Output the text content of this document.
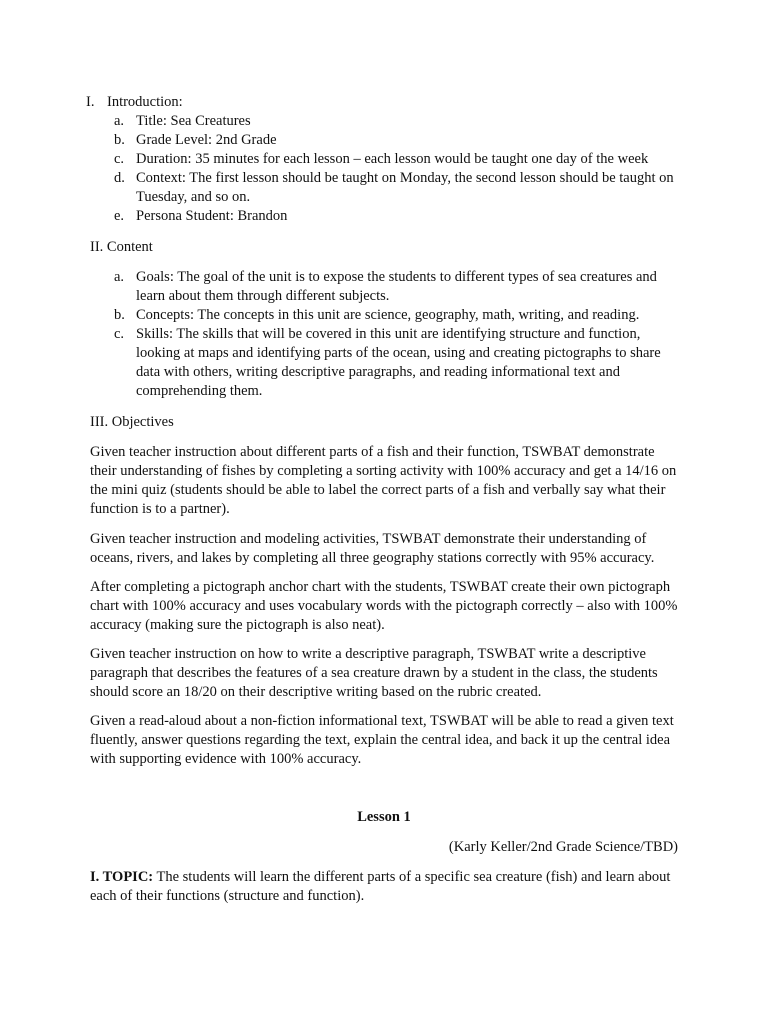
I. Introduction:
a. Title: Sea Creatures
b. Grade Level: 2nd Grade
c. Duration: 35 minutes for each lesson – each lesson would be taught one day of the week
d. Context: The first lesson should be taught on Monday, the second lesson should be taught on Tuesday, and so on.
e. Persona Student: Brandon
II. Content
a. Goals: The goal of the unit is to expose the students to different types of sea creatures and learn about them through different subjects.
b. Concepts: The concepts in this unit are science, geography, math, writing, and reading.
c. Skills: The skills that will be covered in this unit are identifying structure and function, looking at maps and identifying parts of the ocean, using and creating pictographs to share data with others, writing descriptive paragraphs, and reading informational text and comprehending them.
III. Objectives

Given teacher instruction about different parts of a fish and their function, TSWBAT demonstrate their understanding of fishes by completing a sorting activity with 100% accuracy and get a 14/16 on the mini quiz (students should be able to label the correct parts of a fish and verbally say what their function is to a partner).

Given teacher instruction and modeling activities, TSWBAT demonstrate their understanding of oceans, rivers, and lakes by completing all three geography stations correctly with 95% accuracy.

After completing a pictograph anchor chart with the students, TSWBAT create their own pictograph chart with 100% accuracy and uses vocabulary words with the pictograph correctly – also with 100% accuracy (making sure the pictograph is also neat).

Given teacher instruction on how to write a descriptive paragraph, TSWBAT write a descriptive paragraph that describes the features of a sea creature drawn by a student in the class, the students should score an 18/20 on their descriptive writing based on the rubric created.

Given a read-aloud about a non-fiction informational text, TSWBAT will be able to read a given text fluently, answer questions regarding the text, explain the central idea, and back it up the central idea with supporting evidence with 100% accuracy.

Lesson 1
(Karly Keller/2nd Grade Science/TBD)

I. TOPIC: The students will learn the different parts of a specific sea creature (fish) and learn about each of their functions (structure and function).
